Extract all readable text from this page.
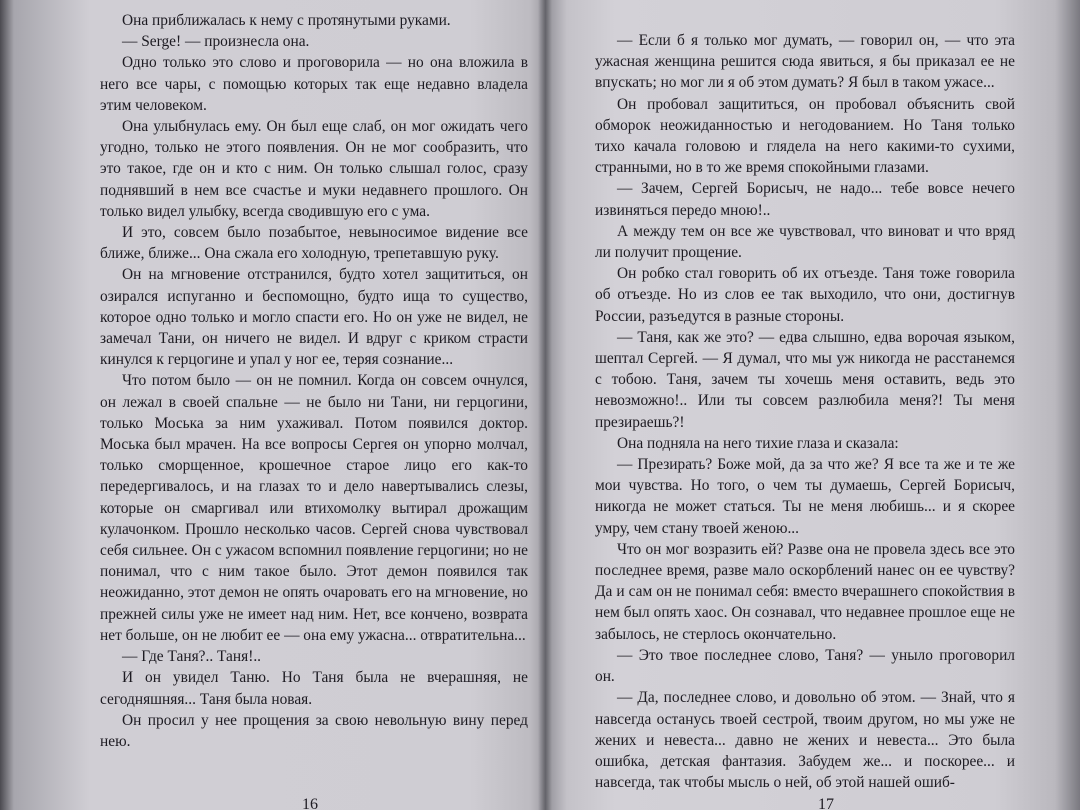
Она приближалась к нему с протянутыми руками.

— Serge! — произнесла она.

Одно только это слово и проговорила — но она вложила в него все чары, с помощью которых так еще недавно владела этим человеком.

Она улыбнулась ему. Он был еще слаб, он мог ожидать чего угодно, только не этого появления. Он не мог сообразить, что это такое, где он и кто с ним. Он только слышал голос, сразу поднявший в нем все счастье и муки недавнего прошлого. Он только видел улыбку, всегда сводившую его с ума.

И это, совсем было позабытое, невыносимое видение все ближе, ближе... Она сжала его холодную, трепетавшую руку.

Он на мгновение отстранился, будто хотел защититься, он озирался испуганно и беспомощно, будто ища то существо, которое одно только и могло спасти его. Но он уже не видел, не замечал Тани, он ничего не видел. И вдруг с криком страсти кинулся к герцогине и упал у ног ее, теряя сознание...

Что потом было — он не помнил. Когда он совсем очнулся, он лежал в своей спальне — не было ни Тани, ни герцогини, только Моська за ним ухаживал. Потом появился доктор. Моська был мрачен. На все вопросы Сергея он упорно молчал, только сморщенное, крошечное старое лицо его как-то передергивалось, и на глазах то и дело навертывались слезы, которые он смаргивал или втихомолку вытирал дрожащим кулачонком. Прошло несколько часов. Сергей снова чувствовал себя сильнее. Он с ужасом вспомнил появление герцогини; но не понимал, что с ним такое было. Этот демон появился так неожиданно, этот демон не опять очаровать его на мгновение, но прежней силы уже не имеет над ним. Нет, все кончено, возврата нет больше, он не любит ее — она ему ужасна... отвратительна...

— Где Таня?.. Таня!..

И он увидел Таню. Но Таня была не вчерашняя, не сегодняшняя... Таня была новая.

Он просил у нее прощения за свою невольную вину перед нею.

16

— Если б я только мог думать, — говорил он, — что эта ужасная женщина решится сюда явиться, я бы приказал ее не впускать; но мог ли я об этом думать? Я был в таком ужасе...

Он пробовал защититься, он пробовал объяснить свой обморок неожиданностью и негодованием. Но Таня только тихо качала головою и глядела на него какими-то сухими, странными, но в то же время спокойными глазами.

— Зачем, Сергей Борисыч, не надо... тебе вовсе нечего извиняться передо мною!..

А между тем он все же чувствовал, что виноват и что вряд ли получит прощение.

Он робко стал говорить об их отъезде. Таня тоже говорила об отъезде. Но из слов ее так выходило, что они, достигнув России, разъедутся в разные стороны.

— Таня, как же это? — едва слышно, едва ворочая языком, шептал Сергей. — Я думал, что мы уж никогда не расстанемся с тобою. Таня, зачем ты хочешь меня оставить, ведь это невозможно!.. Или ты совсем разлюбила меня?! Ты меня презираешь?!

Она подняла на него тихие глаза и сказала:

— Презирать? Боже мой, да за что же? Я все та же и те же мои чувства. Но того, о чем ты думаешь, Сергей Борисыч, никогда не может статься. Ты не меня любишь... и я скорее умру, чем стану твоей женою...

Что он мог возразить ей? Разве она не провела здесь все это последнее время, разве мало оскорблений нанес он ее чувству? Да и сам он не понимал себя: вместо вчерашнего спокойствия в нем был опять хаос. Он сознавал, что недавнее прошлое еще не забылось, не стерлось окончательно.

— Это твое последнее слово, Таня? — уныло проговорил он.

— Да, последнее слово, и довольно об этом. — Знай, что я навсегда останусь твоей сестрой, твоим другом, но мы уже не жених и невеста... давно не жених и невеста... Это была ошибка, детская фантазия. Забудем же... и поскорее... и навсегда, так чтобы мысль о ней, об этой нашей ошиб-

17
